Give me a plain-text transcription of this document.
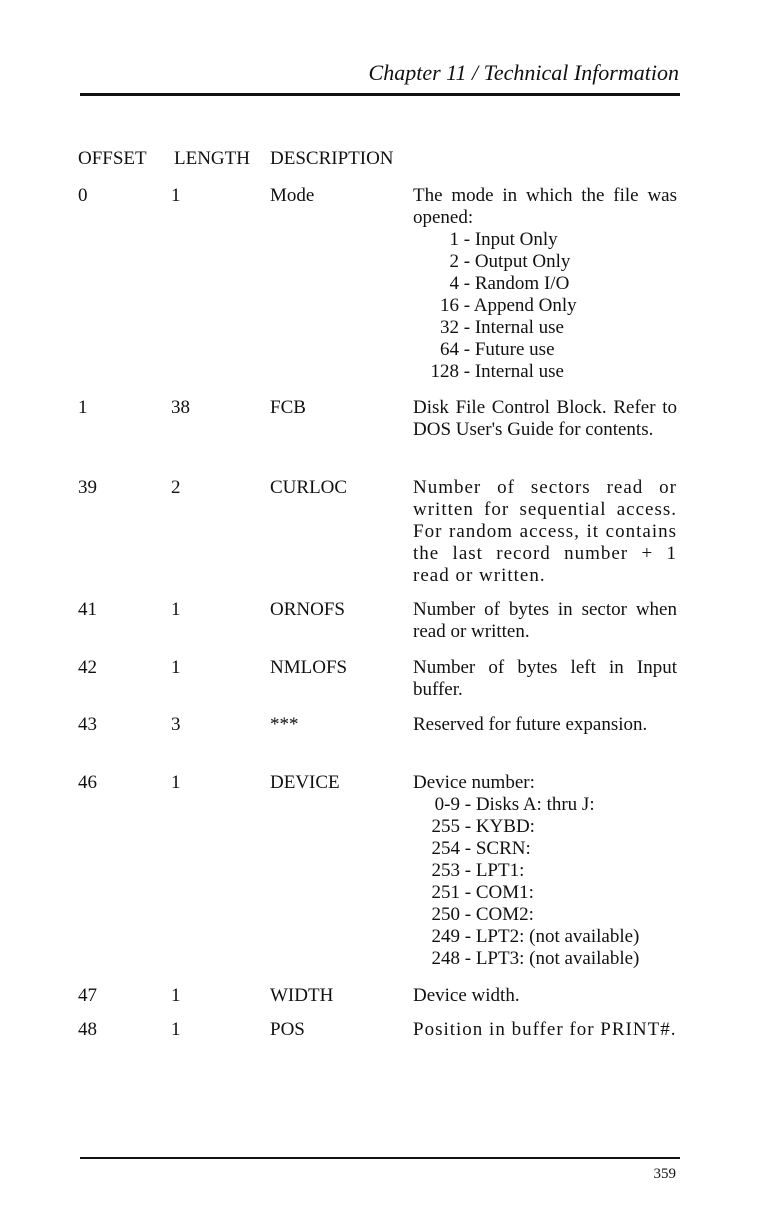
Chapter 11 / Technical Information
OFFSET LENGTH DESCRIPTION
0	1	Mode	The mode in which the file was opened:
1 - Input Only
2 - Output Only
4 - Random I/O
16 - Append Only
32 - Internal use
64 - Future use
128 - Internal use
1	38	FCB	Disk File Control Block. Refer to DOS User's Guide for contents.
39	2	CURLOC	Number of sectors read or written for sequential access. For random access, it contains the last record number + 1 read or written.
41	1	ORNOFS	Number of bytes in sector when read or written.
42	1	NMLOFS	Number of bytes left in Input buffer.
43	3	***	Reserved for future expansion.
46	1	DEVICE	Device number:
0-9 - Disks A: thru J:
255 - KYBD:
254 - SCRN:
253 - LPT1:
251 - COM1:
250 - COM2:
249 - LPT2: (not available)
248 - LPT3: (not available)
47	1	WIDTH	Device width.
48	1	POS	Position in buffer for PRINT#.
359
